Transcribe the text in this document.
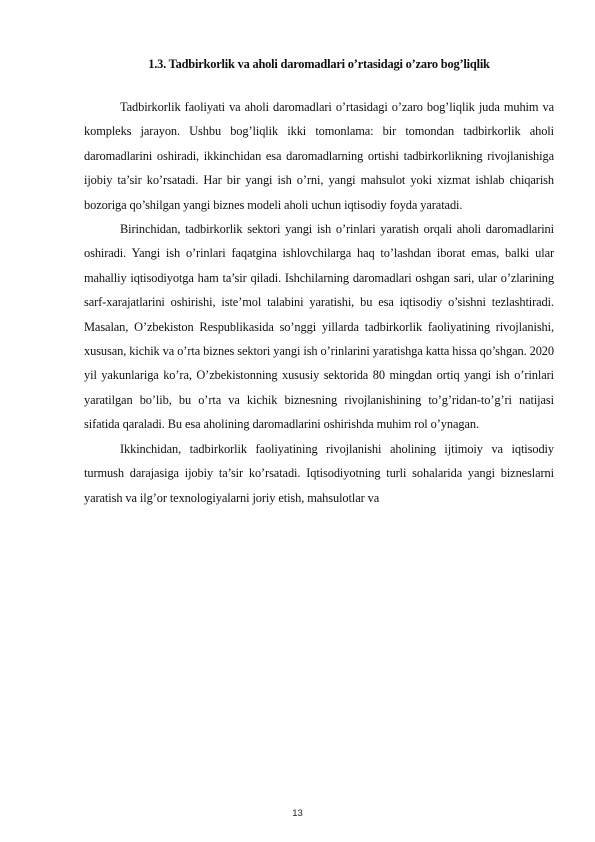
1.3. Tadbirkorlik va aholi daromadlari o’rtasidagi o’zaro bog’liqlik

Tadbirkorlik faoliyati va aholi daromadlari o’rtasidagi o’zaro bog’liqlik juda muhim va kompleks jarayon. Ushbu bog’liqlik ikki tomonlama: bir tomondan tadbirkorlik aholi daromadlarini oshiradi, ikkinchidan esa daromadlarning ortishi tadbirkorlikning rivojlanishiga ijobiy ta’sir ko’rsatadi. Har bir yangi ish o’rni, yangi mahsulot yoki xizmat ishlab chiqarish bozoriga qo’shilgan yangi biznes modeli aholi uchun iqtisodiy foyda yaratadi.

Birinchidan, tadbirkorlik sektori yangi ish o’rinlari yaratish orqali aholi daromadlarini oshiradi. Yangi ish o’rinlari faqatgina ishlovchilarga haq to’lashdan iborat emas, balki ular mahalliy iqtisodiyotga ham ta’sir qiladi. Ishchilarning daromadlari oshgan sari, ular o’zlarining sarf-xarajatlarini oshirishi, iste’mol talabini yaratishi, bu esa iqtisodiy o’sishni tezlashtiradi. Masalan, O’zbekiston Respublikasida so’nggi yillarda tadbirkorlik faoliyatining rivojlanishi, xususan, kichik va o’rta biznes sektori yangi ish o’rinlarini yaratishga katta hissa qo’shgan. 2020 yil yakunlariga ko’ra, O’zbekistonning xususiy sektorida 80 mingdan ortiq yangi ish o’rinlari yaratilgan bo’lib, bu o’rta va kichik biznesning rivojlanishining to’g’ridan-to’g’ri natijasi sifatida qaraladi. Bu esa aholining daromadlarini oshirishda muhim rol o’ynagan.

Ikkinchidan, tadbirkorlik faoliyatining rivojlanishi aholining ijtimoiy va iqtisodiy turmush darajasiga ijobiy ta’sir ko’rsatadi. Iqtisodiyotning turli sohalarida yangi bizneslarni yaratish va ilg’or texnologiyalarni joriy etish, mahsulotlar va

13
